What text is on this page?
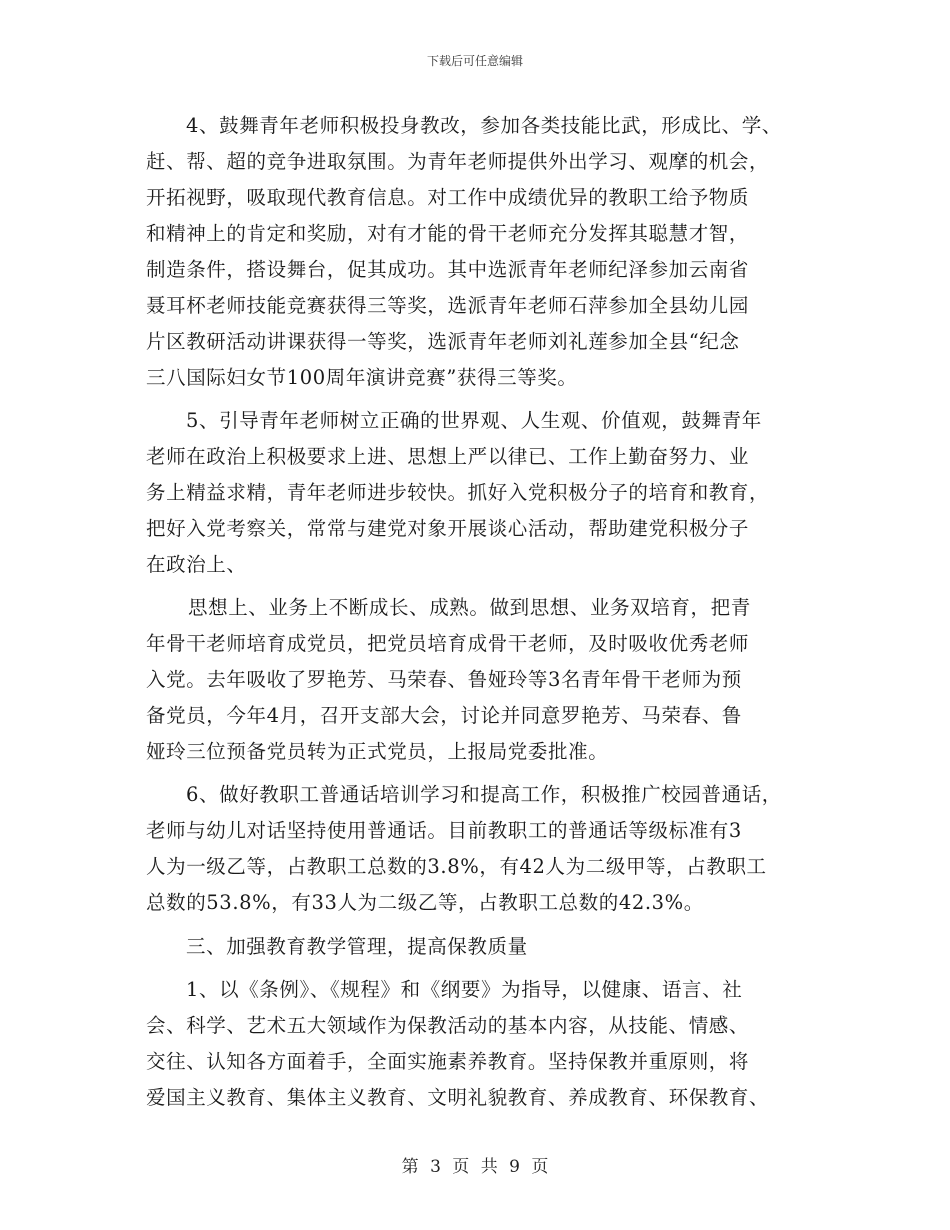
下载后可任意编辑
4、鼓舞青年老师积极投身教改，参加各类技能比武，形成比、学、
赶、帮、超的竞争进取氛围。为青年老师提供外出学习、观摩的机会，
开拓视野，吸取现代教育信息。对工作中成绩优异的教职工给予物质
和精神上的肯定和奖励，对有才能的骨干老师充分发挥其聪慧才智，
制造条件，搭设舞台，促其成功。其中选派青年老师纪泽参加云南省
聂耳杯老师技能竞赛获得三等奖，选派青年老师石萍参加全县幼儿园
片区教研活动讲课获得一等奖，选派青年老师刘礼莲参加全县“纪念
三八国际妇女节100周年演讲竞赛”获得三等奖。
5、引导青年老师树立正确的世界观、人生观、价值观，鼓舞青年
老师在政治上积极要求上进、思想上严以律已、工作上勤奋努力、业
务上精益求精，青年老师进步较快。抓好入党积极分子的培育和教育，
把好入党考察关，常常与建党对象开展谈心活动，帮助建党积极分子
在政治上、
思想上、业务上不断成长、成熟。做到思想、业务双培育，把青
年骨干老师培育成党员，把党员培育成骨干老师，及时吸收优秀老师
入党。去年吸收了罗艳芳、马荣春、鲁娅玲等3名青年骨干老师为预
备党员，今年4月，召开支部大会，讨论并同意罗艳芳、马荣春、鲁
娅玲三位预备党员转为正式党员，上报局党委批准。
6、做好教职工普通话培训学习和提高工作，积极推广校园普通话，
老师与幼儿对话坚持使用普通话。目前教职工的普通话等级标准有3
人为一级乙等，占教职工总数的3.8%，有42人为二级甲等，占教职工
总数的53.8%，有33人为二级乙等，占教职工总数的42.3%。
三、加强教育教学管理，提高保教质量
1、以《条例》、《规程》和《纲要》为指导，以健康、语言、社
会、科学、艺术五大领域作为保教活动的基本内容，从技能、情感、
交往、认知各方面着手，全面实施素养教育。坚持保教并重原则，将
爱国主义教育、集体主义教育、文明礼貌教育、养成教育、环保教育、
第 3 页 共 9 页
